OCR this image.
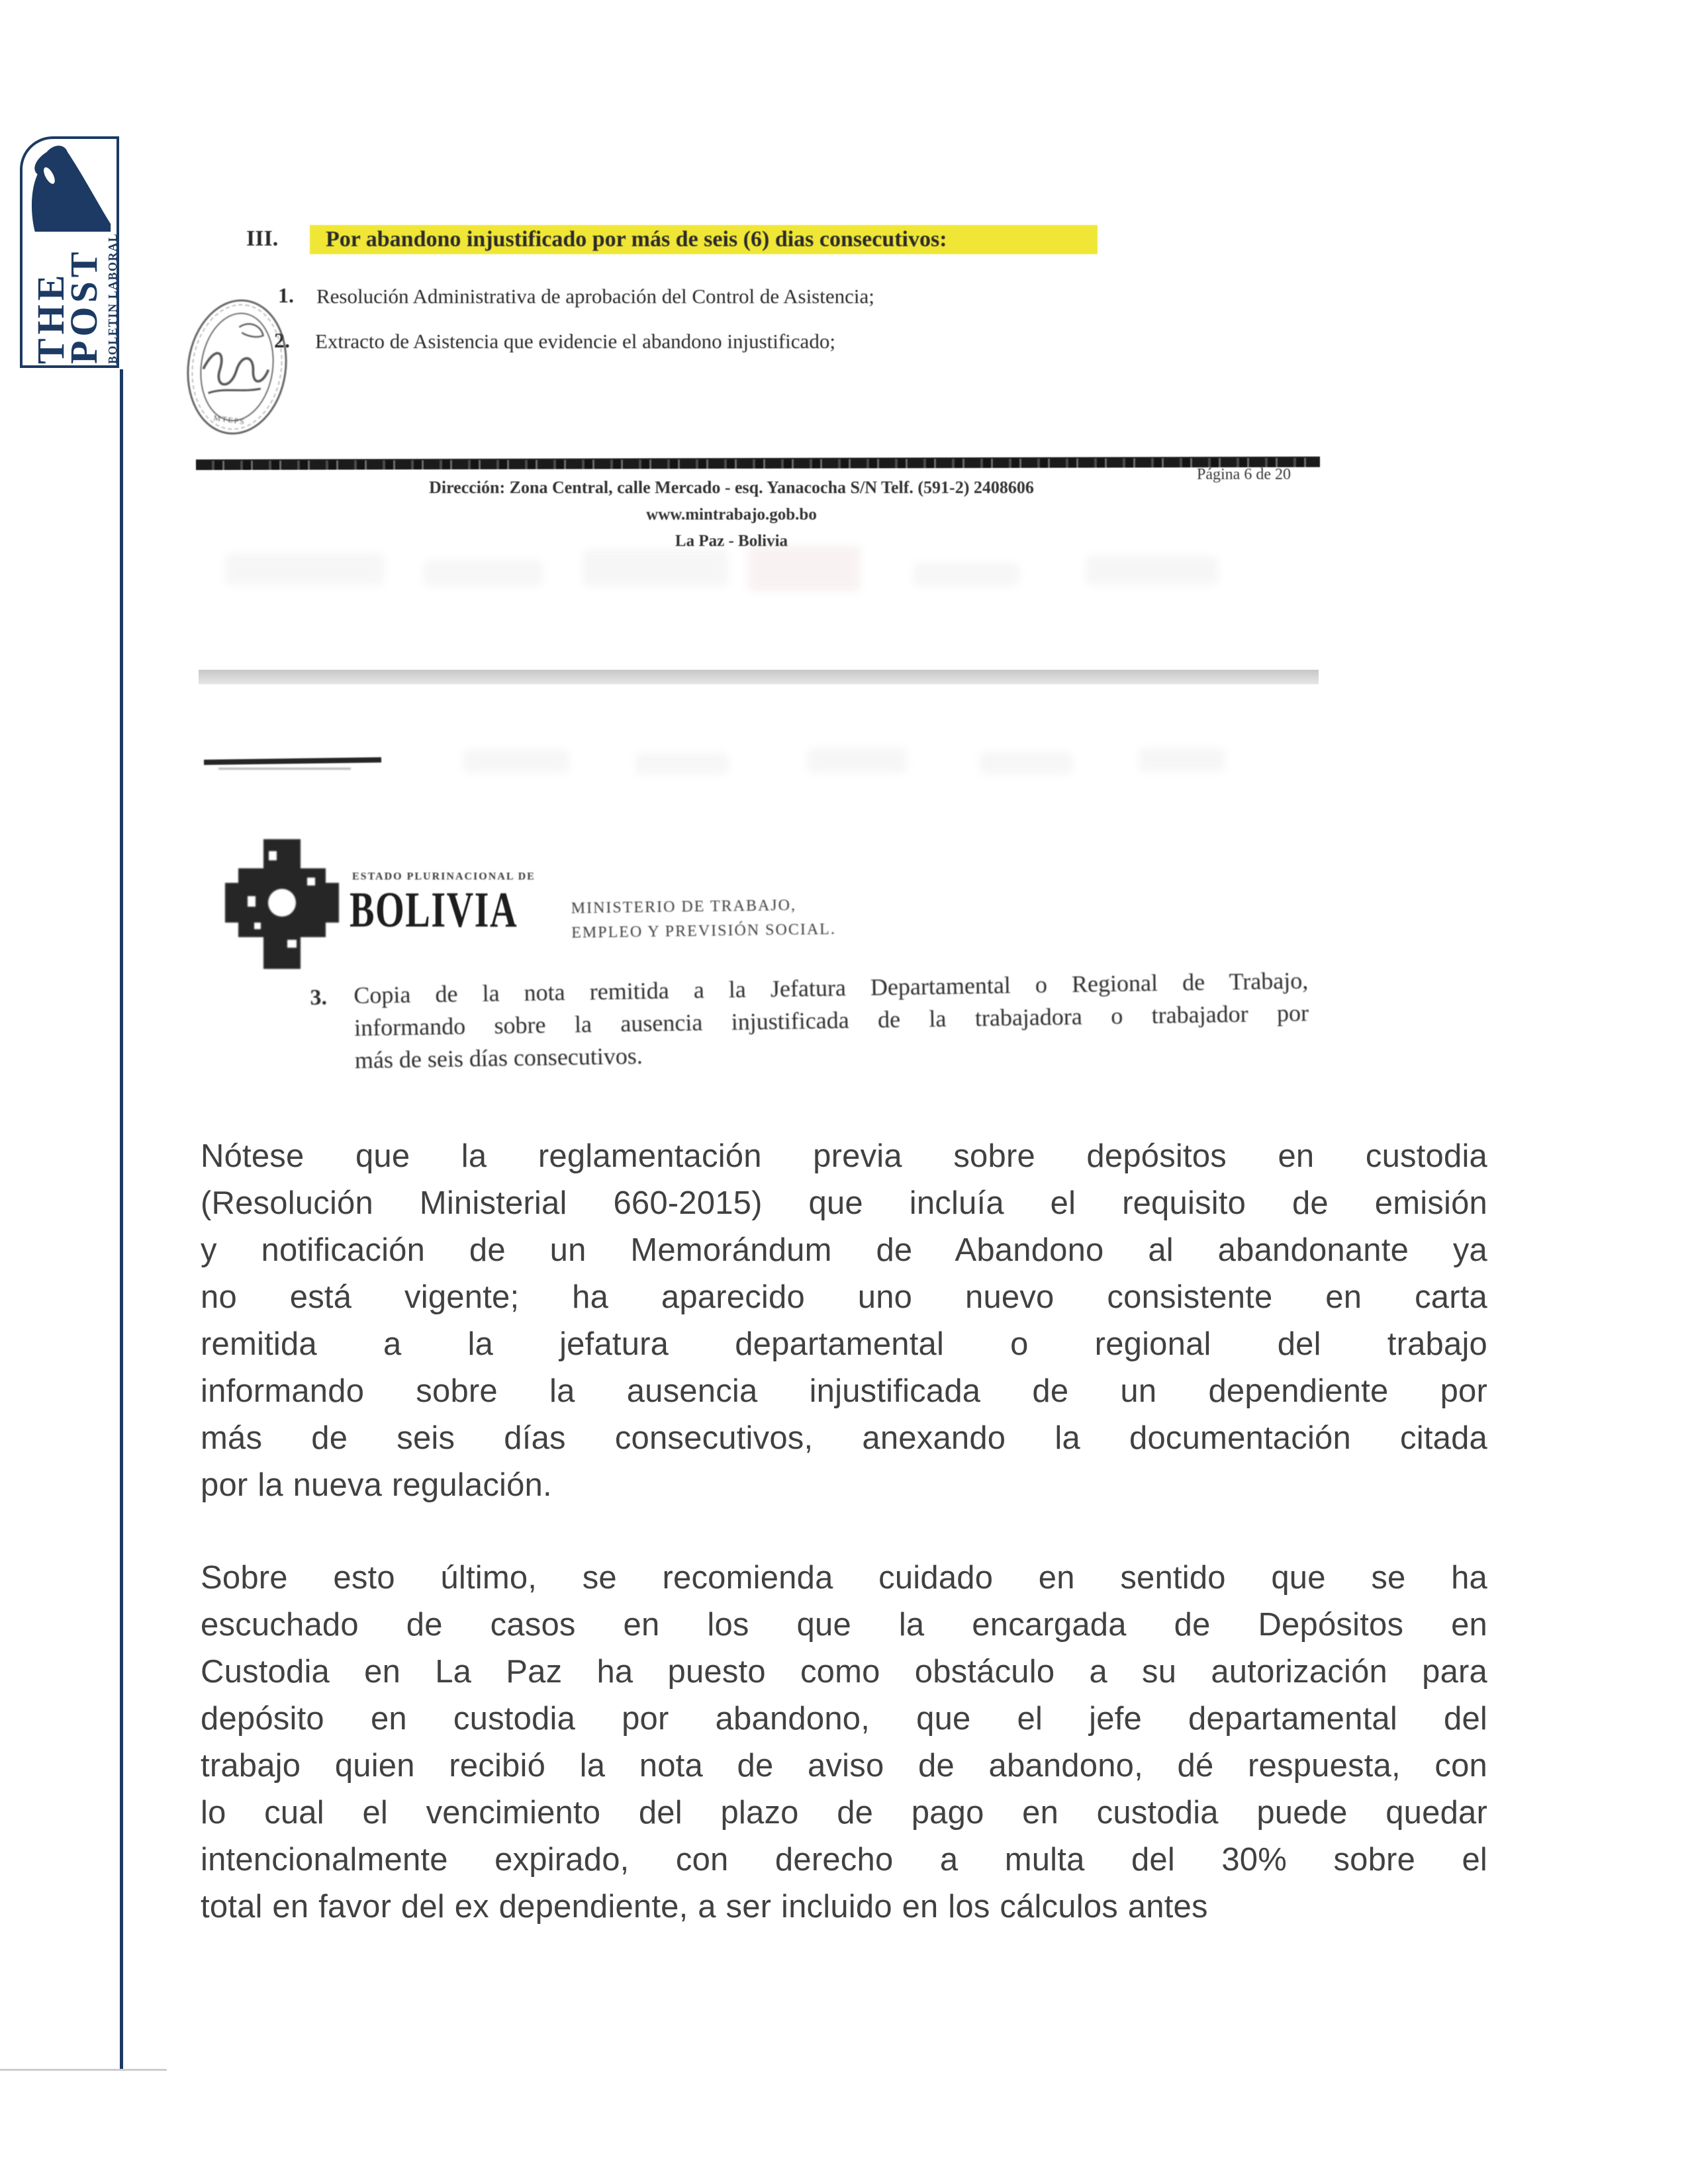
THE
POST BOLETIN LABORAL	III.	Por abandono injustificado por más de seis (6) dias consecutivos:
1. Resolución Administrativa de aprobación del Control de Asistencia;
2. Extracto de Asistencia que evidencie el abandono injustificado;
MTEPS
Página 6 de 20
Dirección: Zona Central, calle Mercado - esq. Yanacocha S/N Telf. (591-2) 2408606
www.mintrabajo.gob.bo
La Paz - Bolivia
ESTADO PLURINACIONAL DE
BOLIVIA	MINISTERIO DE TRABAJO,
EMPLEO Y PREVISIÓN SOCIAL.
3. Copia de la nota remitida a la Jefatura Departamental o Regional de Trabajo,
informando sobre la ausencia injustificada de la trabajadora o trabajador por
más de seis días consecutivos.
Nótese que la reglamentación previa sobre depósitos en custodia
(Resolución Ministerial 660-2015) que incluía el requisito de emisión
y notificación de un Memorándum de Abandono al abandonante ya
no está vigente; ha aparecido uno nuevo consistente en carta
remitida a la jefatura departamental o regional del trabajo
informando sobre la ausencia injustificada de un dependiente por
más de seis días consecutivos, anexando la documentación citada
por la nueva regulación.
Sobre esto último, se recomienda cuidado en sentido que se ha
escuchado de casos en los que la encargada de Depósitos en
Custodia en La Paz ha puesto como obstáculo a su autorización para
depósito en custodia por abandono, que el jefe departamental del
trabajo quien recibió la nota de aviso de abandono, dé respuesta, con
lo cual el vencimiento del plazo de pago en custodia puede quedar
intencionalmente expirado, con derecho a multa del 30% sobre el
total en favor del ex dependiente, a ser incluido en los cálculos antes
